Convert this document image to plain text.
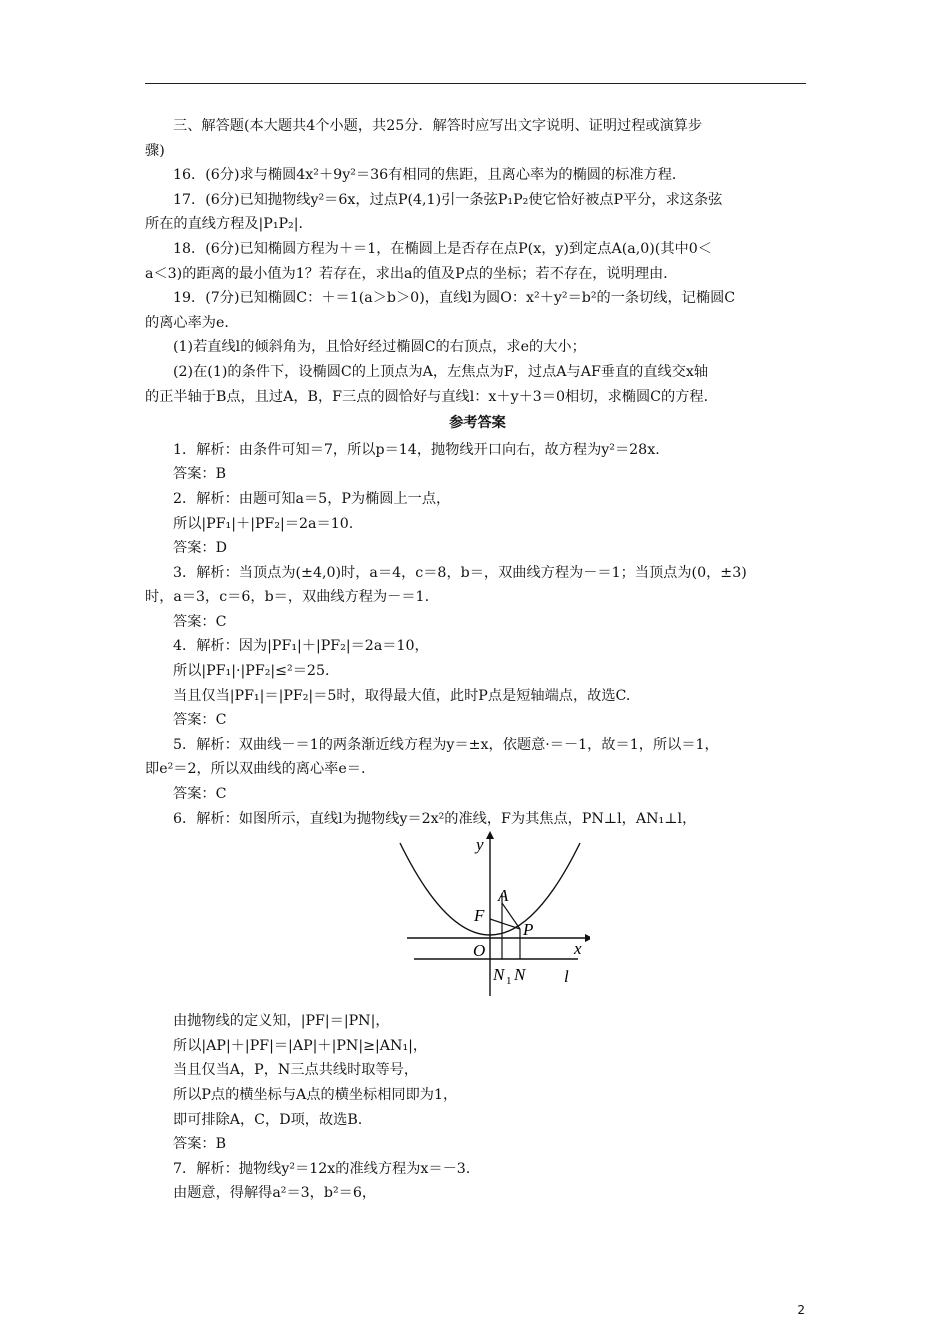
三、解答题(本大题共4个小题，共25分．解答时应写出文字说明、证明过程或演算步

骤)

16．(6分)求与椭圆4x²＋9y²＝36有相同的焦距，且离心率为的椭圆的标准方程．

17．(6分)已知抛物线y²＝6x，过点P(4,1)引一条弦P₁P₂使它恰好被点P平分，求这条弦

所在的直线方程及|P₁P₂|．

18．(6分)已知椭圆方程为＋＝1，在椭圆上是否存在点P(x，y)到定点A(a,0)(其中0＜

a＜3)的距离的最小值为1？若存在，求出a的值及P点的坐标；若不存在，说明理由．

19．(7分)已知椭圆C：＋＝1(a＞b＞0)，直线l为圆O：x²＋y²＝b²的一条切线，记椭圆C

的离心率为e．

(1)若直线l的倾斜角为，且恰好经过椭圆C的右顶点，求e的大小；

(2)在(1)的条件下，设椭圆C的上顶点为A，左焦点为F，过点A与AF垂直的直线交x轴

的正半轴于B点，且过A，B，F三点的圆恰好与直线l：x＋y＋3＝0相切，求椭圆C的方程．

参考答案

1．解析：由条件可知＝7，所以p＝14，抛物线开口向右，故方程为y²＝28x.

答案：B

2．解析：由题可知a＝5，P为椭圆上一点，

所以|PF₁|＋|PF₂|＝2a＝10.

答案：D

3．解析：当顶点为(±4,0)时，a＝4，c＝8，b＝，双曲线方程为－＝1；当顶点为(0，±3)

时，a＝3，c＝6，b＝，双曲线方程为－＝1.

答案：C

4．解析：因为|PF₁|＋|PF₂|＝2a＝10，

所以|PF₁|·|PF₂|≤²＝25.

当且仅当|PF₁|＝|PF₂|＝5时，取得最大值，此时P点是短轴端点，故选C.

答案：C

5．解析：双曲线－＝1的两条渐近线方程为y＝±x，依题意·＝－1，故＝1，所以＝1，

即e²＝2，所以双曲线的离心率e＝.

答案：C

6．解析：如图所示，直线l为抛物线y＝2x²的准线，F为其焦点，PN⊥l，AN₁⊥l，

y
x
O
F
A
P
N 1 N l

由抛物线的定义知，|PF|＝|PN|，

所以|AP|＋|PF|＝|AP|＋|PN|≥|AN₁|，

当且仅当A，P，N三点共线时取等号，

所以P点的横坐标与A点的横坐标相同即为1，

即可排除A，C，D项，故选B.

答案：B

7．解析：抛物线y²＝12x的准线方程为x＝－3.

由题意，得解得a²＝3，b²＝6，

2
